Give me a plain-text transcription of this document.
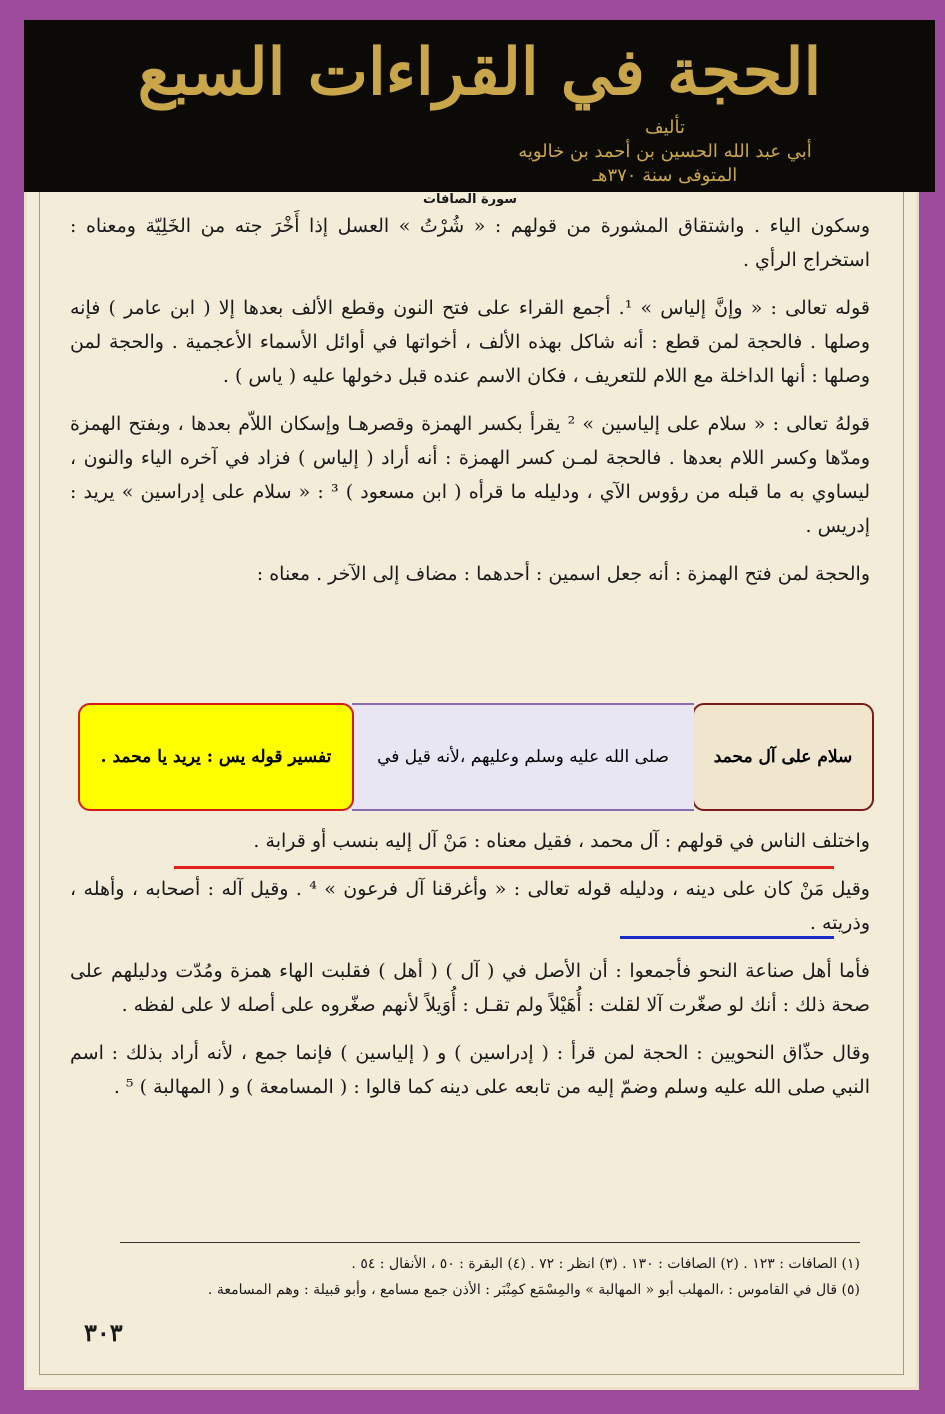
الحجة في القراءات السبع
تأليف
أبي عبد الله الحسين بن أحمد بن خالويه
المتوفى سنة ٣٧٠هـ
سورة الصافات

وسكون الياء . واشتقاق المشورة من قولهم : « شُرْتُ » العسل إذا أَخْرَ جته من الخَلِيّة ومعناه : استخراج الرأي .

قوله تعالى : « وإنَّ إلياس » ¹. أجمع القراء على فتح النون وقطع الألف بعدها إلا ( ابن عامر ) فإنه وصلها . فالحجة لمن قطع : أنه شاكل بهذه الألف ، أخواتها في أوائل الأسماء الأعجمية . والحجة لمن وصلها : أنها الداخلة مع اللام للتعريف ، فكان الاسم عنده قبل دخولها عليه ( ياس ) .

قولهُ تعالى : « سلام على إلياسين » ² يقرأ بكسر الهمزة وقصرهـا وإسكان اللاّم بعدها ، وبفتح الهمزة ومدّها وكسر اللام بعدها . فالحجة لمـن كسر الهمزة : أنه أراد ( إلياس ) فزاد في آخره الياء والنون ، ليساوي به ما قبله من رؤوس الآي ، ودليله ما قرأه ( ابن مسعود ) ³ : « سلام على إدراسين » يريد : إدريس .

والحجة لمن فتح الهمزة : أنه جعل اسمين : أحدهما : مضاف إلى الآخر . معناه :

سلام على آل محمد
صلى الله عليه وسلم وعليهم ،لأنه قيل في
تفسير قوله يس : يريد يا محمد .

واختلف الناس في قولهم : آل محمد ، فقيل معناه : مَنْ آل إليه بنسب أو قرابة .

وقيل مَنْ كان على دينه ، ودليله قوله تعالى : « وأغرقنا آل فرعون » ⁴ . وقيل آله : أصحابه ، وأهله ، وذريته .

فأما أهل صناعة النحو فأجمعوا : أن الأصل في ( آل ) ( أهل ) فقلبت الهاء همزة ومُدّت ودليلهم على صحة ذلك : أنك لو صغّرت آلا لقلت : أُهَيْلاً ولم تقـل : أُوَيلاً لأنهم صغّروه على أصله لا على لفظه .

وقال حذّاق النحويين : الحجة لمن قرأ : ( إدراسين ) و ( إلياسين ) فإنما جمع ، لأنه أراد بذلك : اسم النبي صلى الله عليه وسلم وضمّ إليه من تابعه على دينه كما قالوا : ( المسامعة ) و ( المهالبة ) ⁵ .

(١) الصافات : ١٢٣ . (٢) الصافات : ١٣٠ . (٣) انظر : ٧٢ . (٤) البقرة : ٥٠ ، الأنفال : ٥٤ .

(٥) قال في القاموس : ،المهلب أبو « المهالبة » والمِسْمَع كمِنْبَر : الأذن جمع مسامع ، وأبو قبيلة : وهم المسامعة .

٣٠٣
